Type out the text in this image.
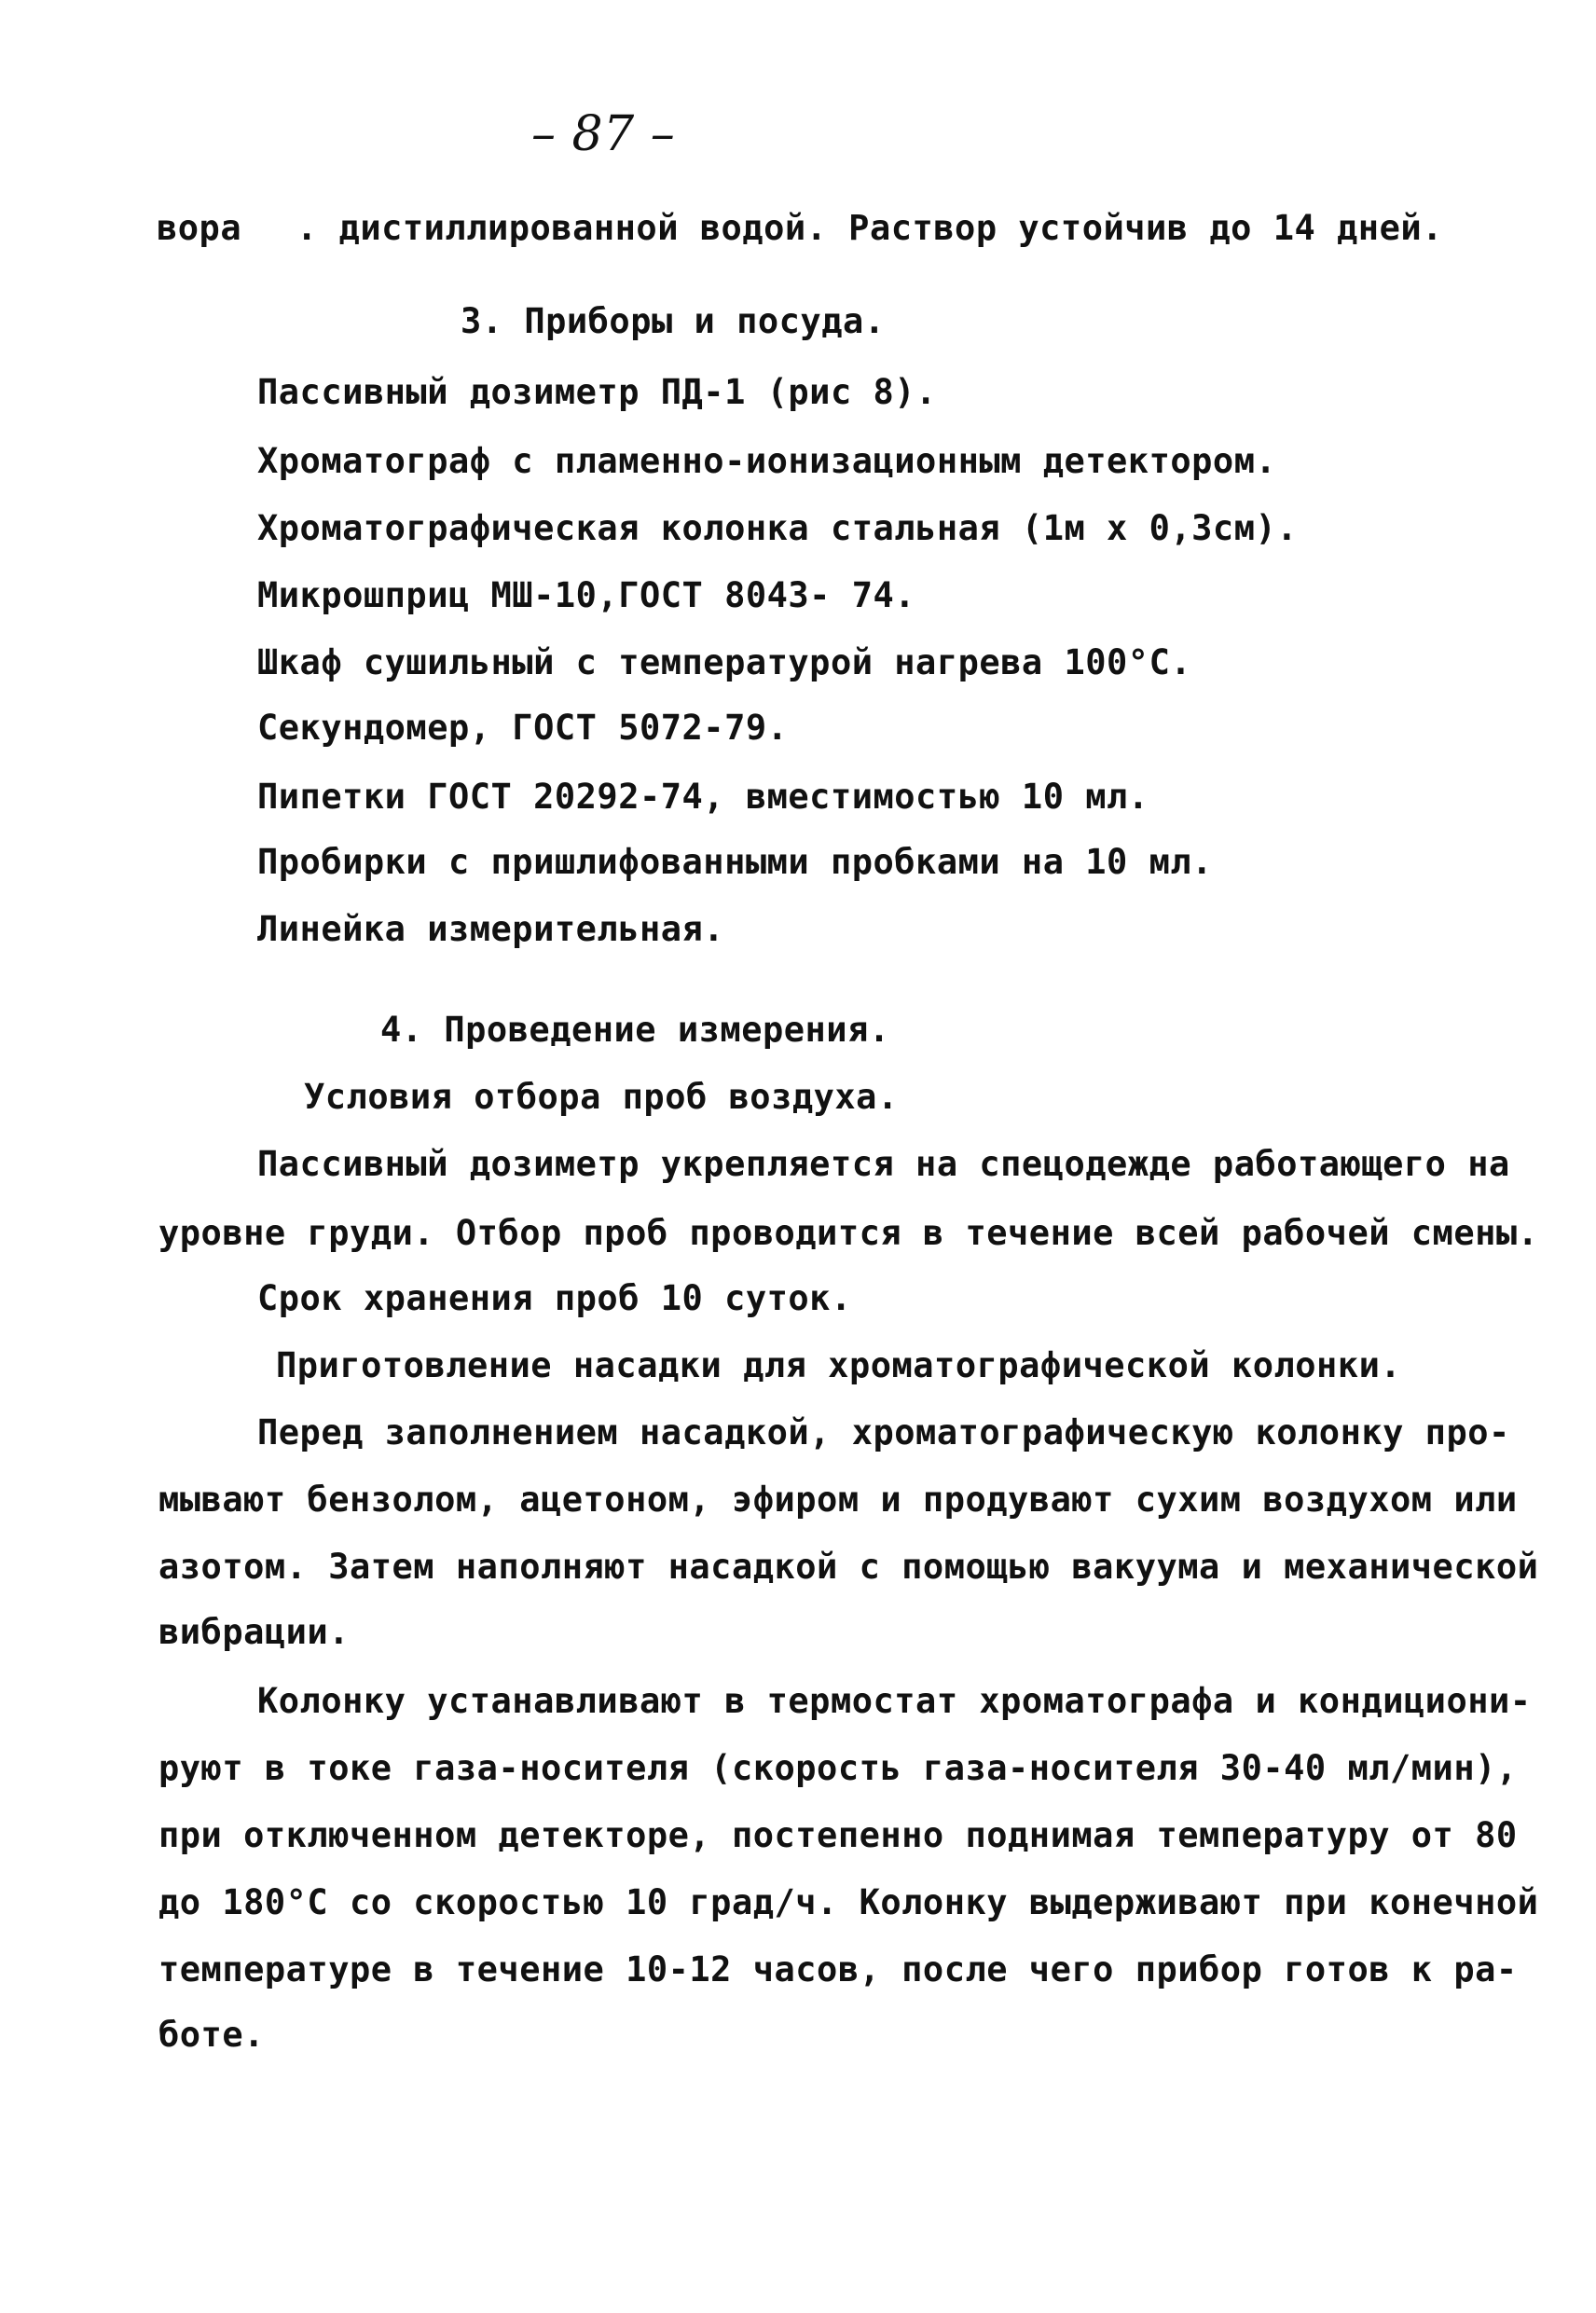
– 87 –
вора . дистиллированной водой. Раствор устойчив до 14 дней.
3. Приборы и посуда.
Пассивный дозиметр ПД-1 (рис 8).
Хроматограф с пламенно-ионизационным детектором.
Хроматографическая колонка стальная (1м х 0,3см).
Микрошприц МШ-10,ГОСТ 8043- 74.
Шкаф сушильный с температурой нагрева 100°С.
Секундомер, ГОСТ 5072-79.
Пипетки ГОСТ 20292-74, вместимостью 10 мл.
Пробирки с пришлифованными пробками на 10 мл.
Линейка измерительная.
4. Проведение измерения.
Условия отбора проб воздуха.
Пассивный дозиметр укрепляется на спецодежде работающего на
уровне груди. Отбор проб проводится в течение всей рабочей смены.
Срок хранения проб 10 суток.
Приготовление насадки для хроматографической колонки.
Перед заполнением насадкой, хроматографическую колонку про-
мывают бензолом, ацетоном, эфиром и продувают сухим воздухом или
азотом. Затем наполняют насадкой с помощью вакуума и механической
вибрации.
Колонку устанавливают в термостат хроматографа и кондициони-
руют в токе газа-носителя (скорость газа-носителя 30-40 мл/мин),
при отключенном детекторе, постепенно поднимая температуру от 80
до 180°С со скоростью 10 град/ч. Колонку выдерживают при конечной
температуре в течение 10-12 часов, после чего прибор готов к ра-
боте.
